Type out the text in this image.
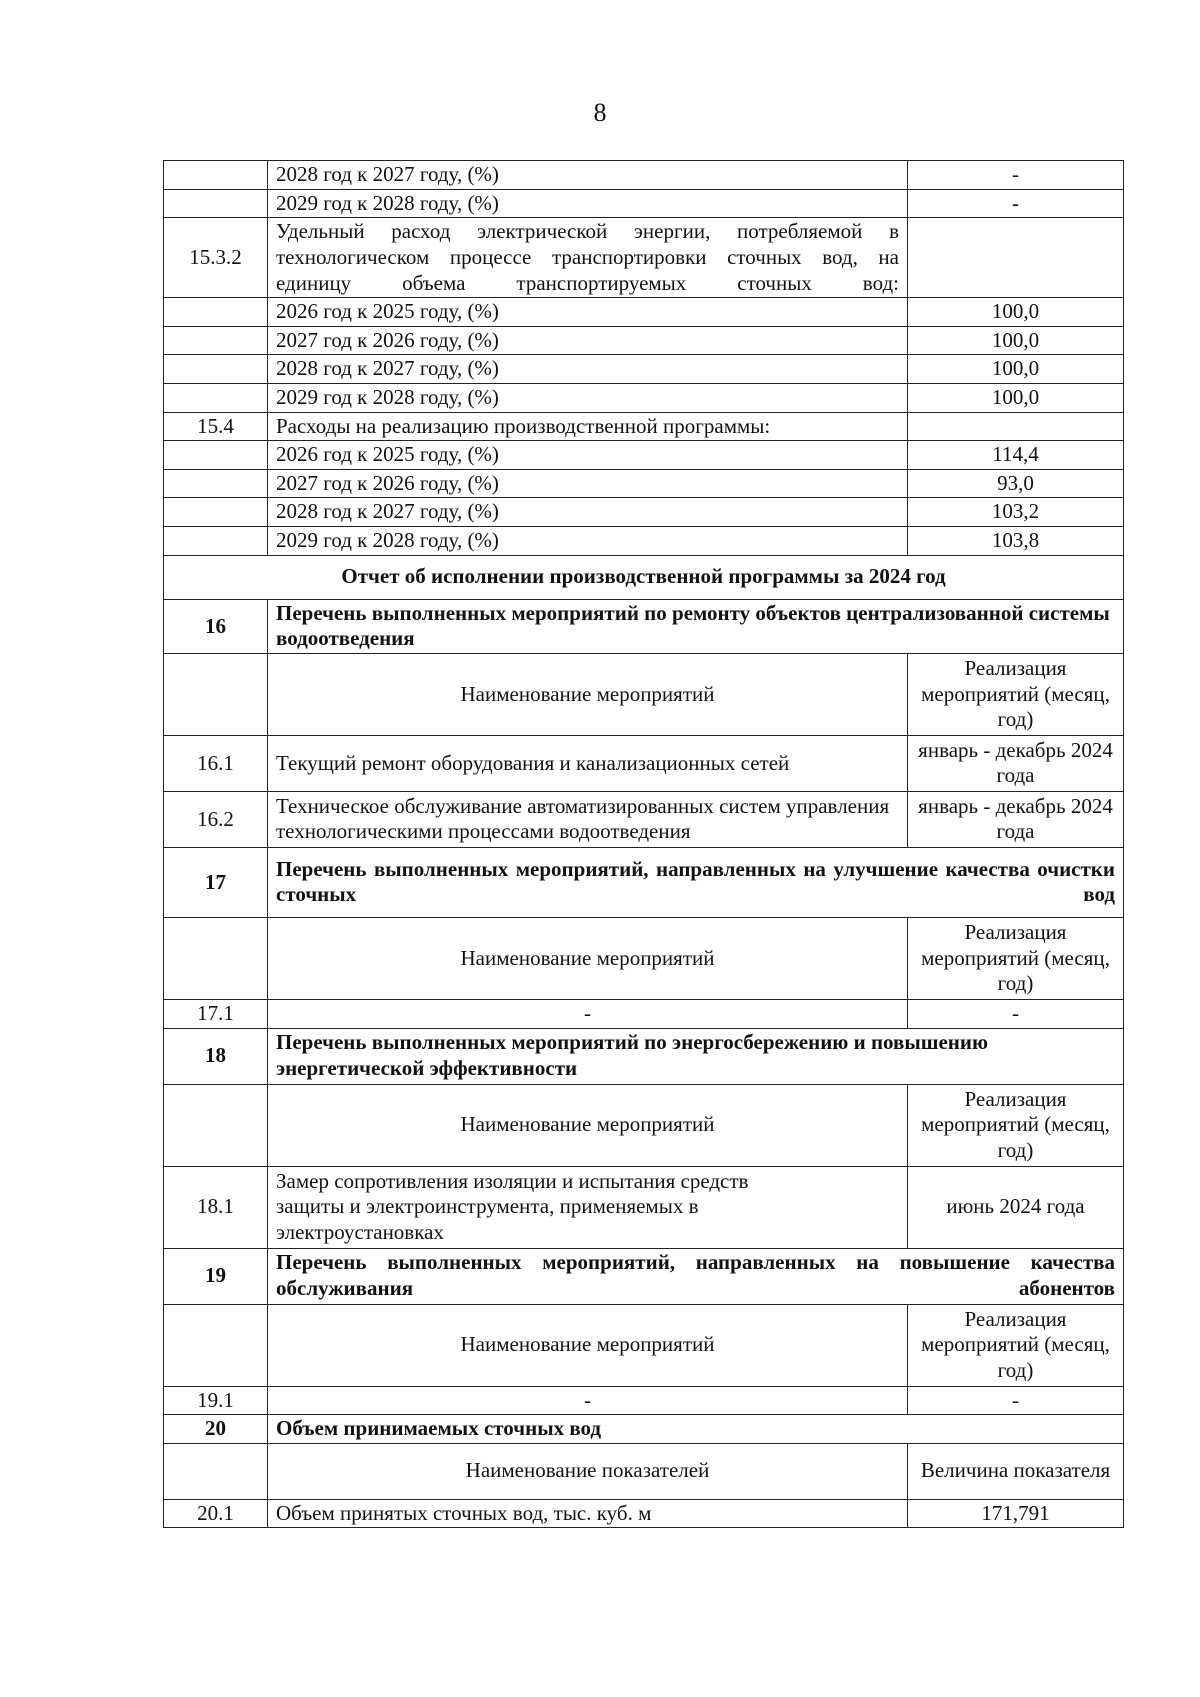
8
	2028 год к 2027 году, (%)	-
	2029 год к 2028 году, (%)	-
15.3.2	Удельный расход электрической энергии, потребляемой в технологическом процессе транспортировки сточных вод, на единицу объема транспортируемых сточных вод:	
	2026 год к 2025 году, (%)	100,0
	2027 год к 2026 году, (%)	100,0
	2028 год к 2027 году, (%)	100,0
	2029 год к 2028 году, (%)	100,0
15.4	Расходы на реализацию производственной программы:	
	2026 год к 2025 году, (%)	114,4
	2027 год к 2026 году, (%)	93,0
	2028 год к 2027 году, (%)	103,2
	2029 год к 2028 году, (%)	103,8
Отчет об исполнении производственной программы за 2024 год		
16	Перечень выполненных мероприятий по ремонту объектов централизованной системы водоотведения	
	Наименование мероприятий	Реализация мероприятий (месяц, год)
16.1	Текущий ремонт оборудования и канализационных сетей	январь - декабрь 2024 года
16.2	Техническое обслуживание автоматизированных систем управления технологическими процессами водоотведения	январь - декабрь 2024 года
17	Перечень выполненных мероприятий, направленных на улучшение качества очистки сточных вод	
	Наименование мероприятий	Реализация мероприятий (месяц, год)
17.1	-	-
18	Перечень выполненных мероприятий по энергосбережению и повышению энергетической эффективности	
	Наименование мероприятий	Реализация мероприятий (месяц, год)
18.1	Замер сопротивления изоляции и испытания средств защиты и электроинструмента, применяемых в электроустановках	июнь 2024 года
19	Перечень выполненных мероприятий, направленных на повышение качества обслуживания абонентов	
	Наименование мероприятий	Реализация мероприятий (месяц, год)
19.1	-	-
20	Объем принимаемых сточных вод	
	Наименование показателей	Величина показателя
20.1	Объем принятых сточных вод, тыс. куб. м	171,791
